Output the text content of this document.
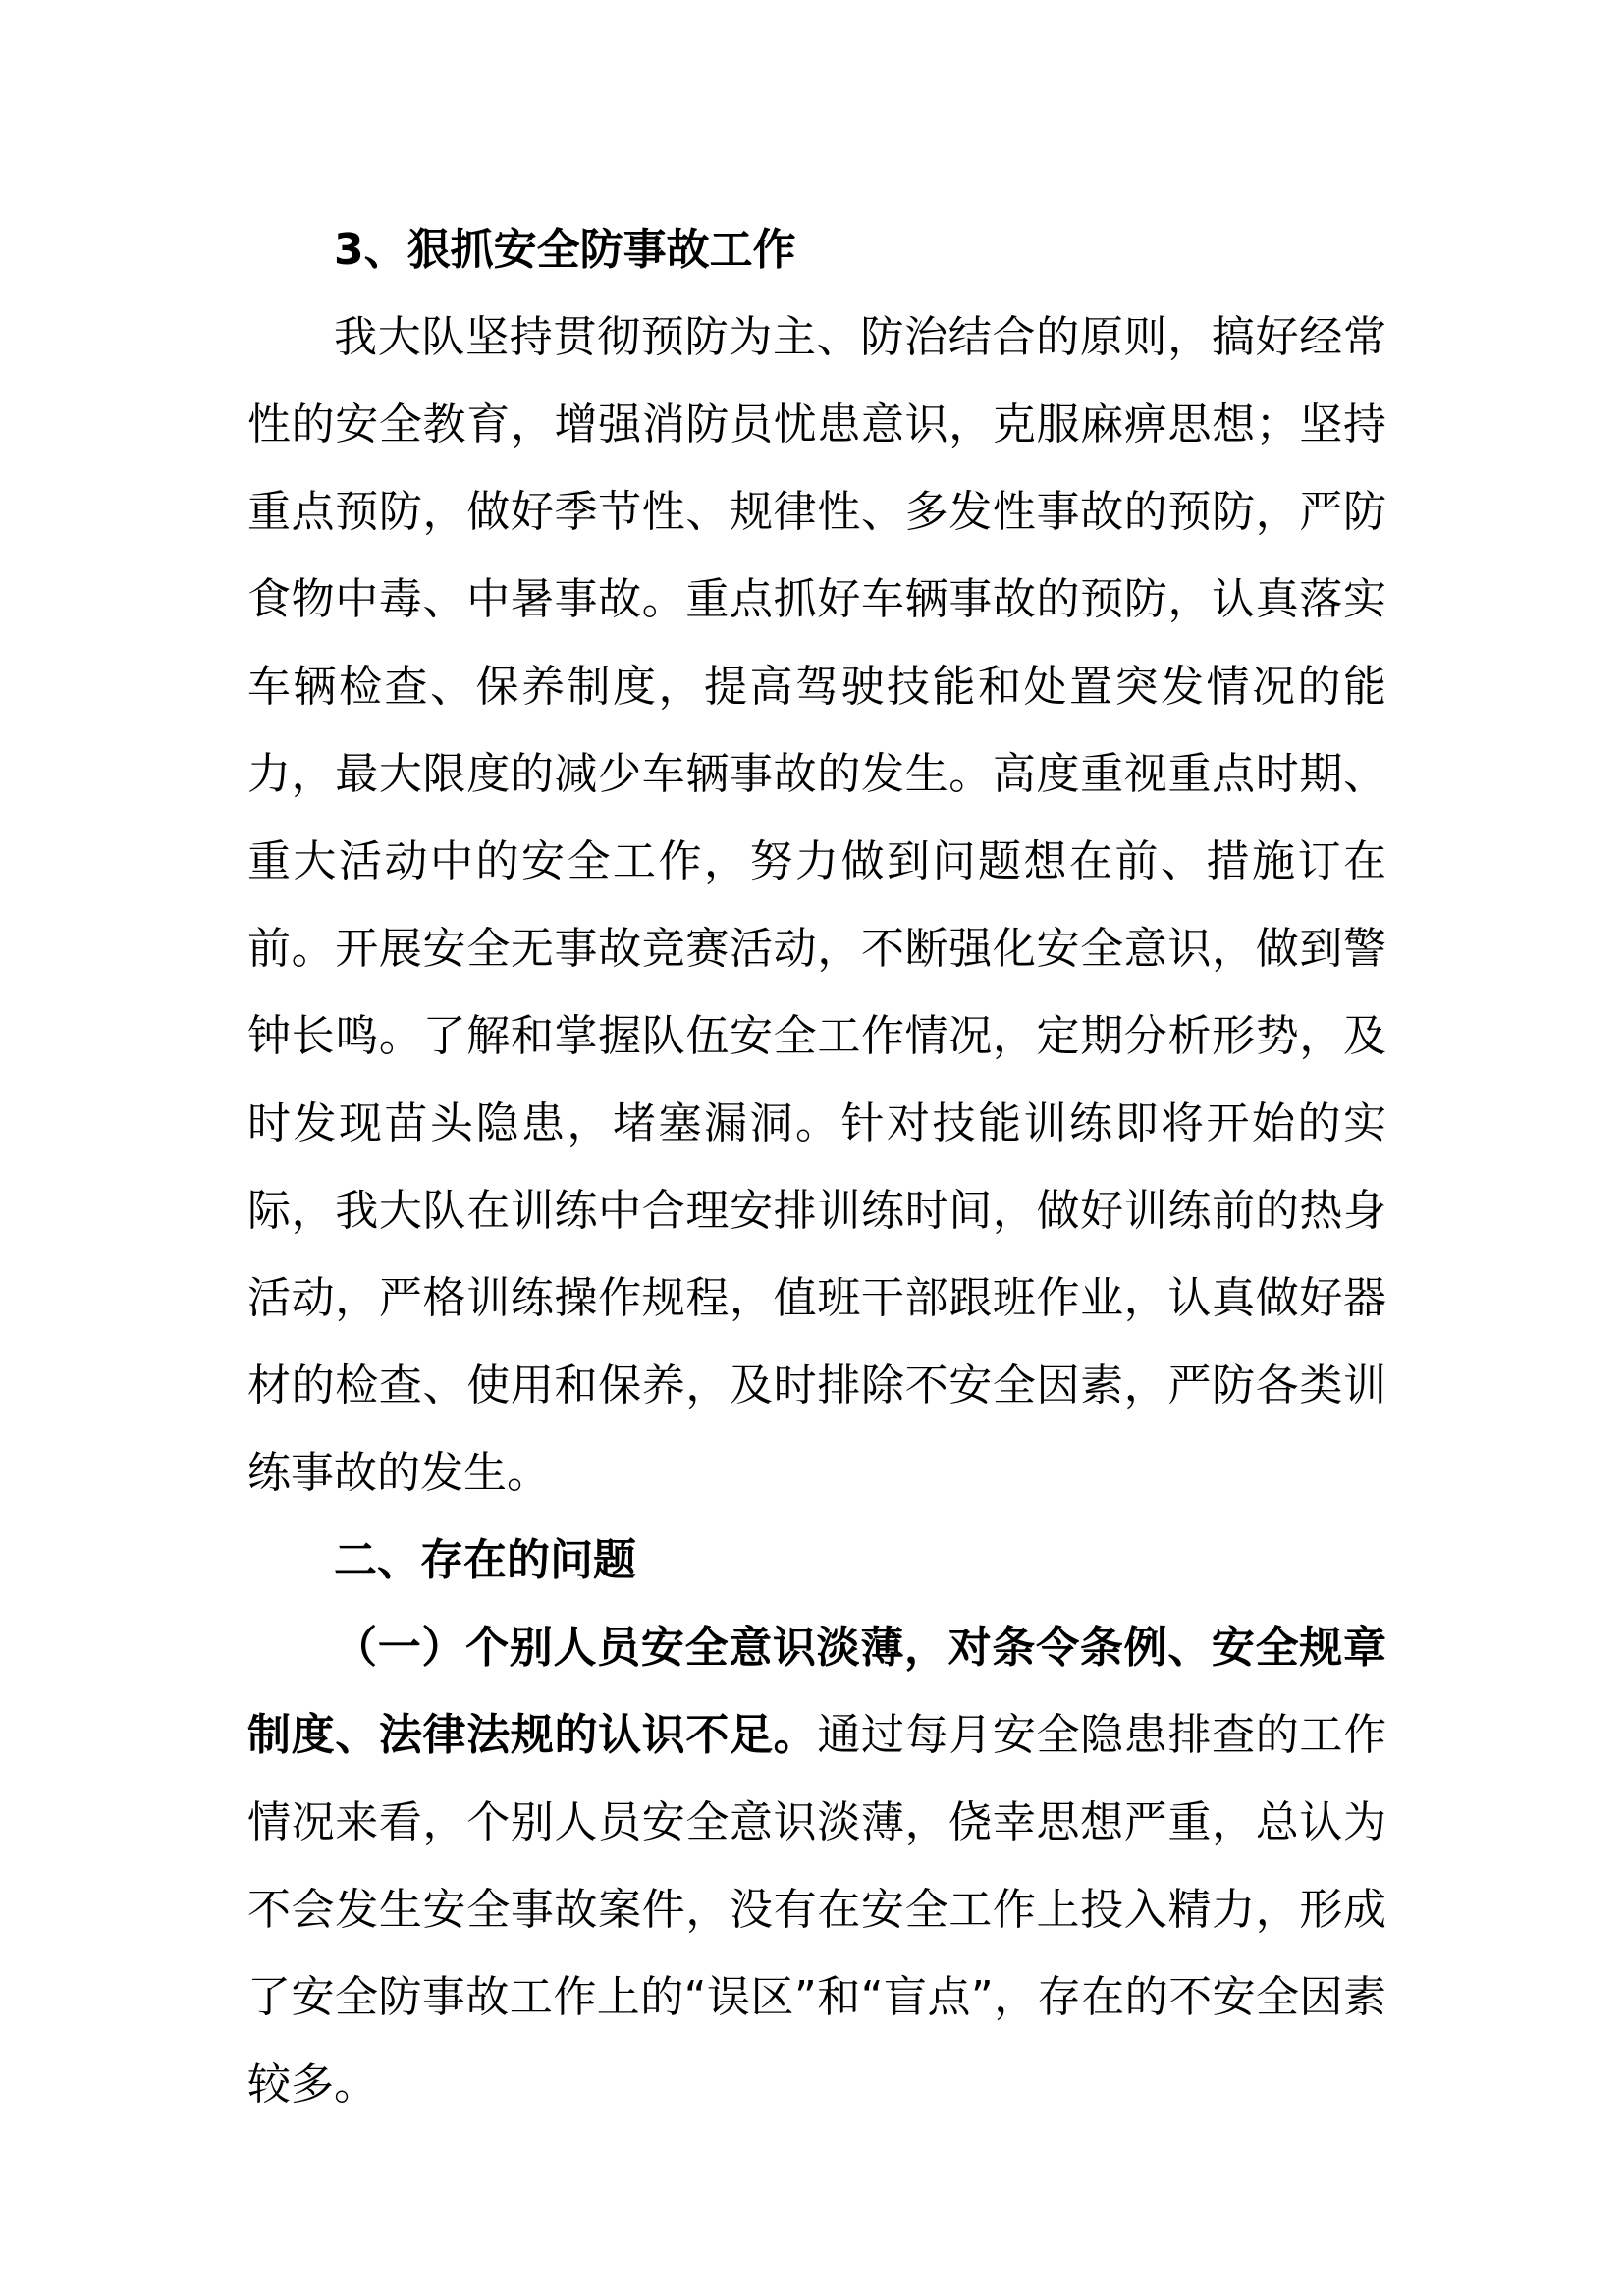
3、狠抓安全防事故工作

我大队坚持贯彻预防为主、防治结合的原则，搞好经常性的安全教育，增强消防员忧患意识，克服麻痹思想；坚持重点预防，做好季节性、规律性、多发性事故的预防，严防食物中毒、中暑事故。重点抓好车辆事故的预防，认真落实车辆检查、保养制度，提高驾驶技能和处置突发情况的能力，最大限度的减少车辆事故的发生。高度重视重点时期、重大活动中的安全工作，努力做到问题想在前、措施订在前。开展安全无事故竞赛活动，不断强化安全意识，做到警钟长鸣。了解和掌握队伍安全工作情况，定期分析形势，及时发现苗头隐患，堵塞漏洞。针对技能训练即将开始的实际，我大队在训练中合理安排训练时间，做好训练前的热身活动，严格训练操作规程，值班干部跟班作业，认真做好器材的检查、使用和保养，及时排除不安全因素，严防各类训练事故的发生。

二、存在的问题

（一）个别人员安全意识淡薄，对条令条例、安全规章制度、法律法规的认识不足。通过每月安全隐患排查的工作情况来看，个别人员安全意识淡薄，侥幸思想严重，总认为不会发生安全事故案件，没有在安全工作上投入精力，形成了安全防事故工作上的“误区”和“盲点”，存在的不安全因素较多。
